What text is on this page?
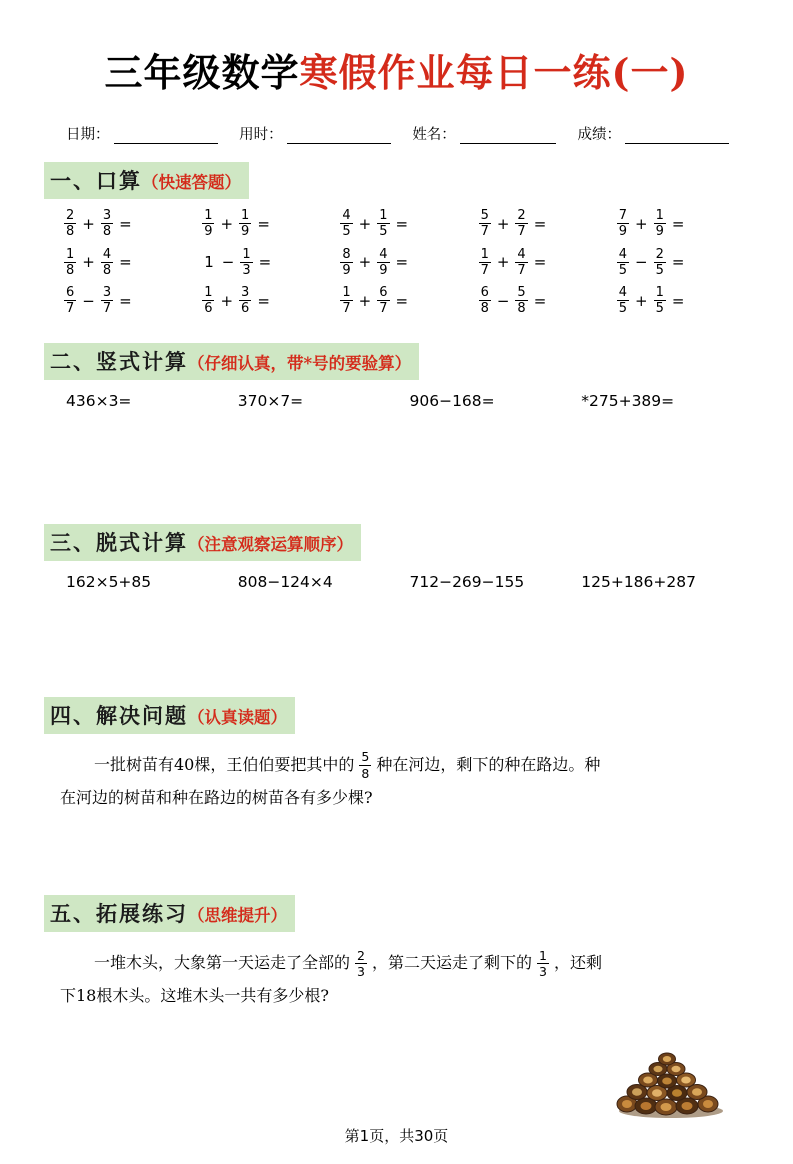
三年级数学寒假作业每日一练(一)
日期：	用时：	姓名：	成绩：
一、口算（快速答题）
$\frac{2}{8} + \frac{3}{8}$ =	$\frac{1}{9} + \frac{1}{9}$ =	$\frac{4}{5} + \frac{1}{5}$ =	$\frac{5}{7} + \frac{2}{7}$ =	$\frac{7}{9} + \frac{1}{9}$ =
$\frac{1}{8} + \frac{4}{8}$ =	$1 - \frac{1}{3}$ =	$\frac{8}{9} + \frac{4}{9}$ =	$\frac{1}{7} + \frac{4}{7}$ =	$\frac{4}{5} - \frac{2}{5}$ =
$\frac{6}{7} - \frac{3}{7}$ =	$\frac{1}{6} + \frac{3}{6}$ =	$\frac{1}{7} + \frac{6}{7}$ =	$\frac{6}{8} - \frac{5}{8}$ =	$\frac{4}{5} + \frac{1}{5}$ =
二、竖式计算（仔细认真，带*号的要验算）
436×3=	370×7=	906−168=	*275+389=
三、脱式计算（注意观察运算顺序）
162×5+85	808−124×4	712−269−155	125+186+287
四、解决问题（认真读题）
一批树苗有40棵，王伯伯要把其中的 $\frac{5}{8}$ 种在河边，剩下的种在路边。种
在河边的树苗和种在路边的树苗各有多少棵?
五、拓展练习（思维提升）
一堆木头，大象第一天运走了全部的 $\frac{2}{3}$ ，第二天运走了剩下的 $\frac{1}{3}$ ，还剩
下18根木头。这堆木头一共有多少根?
第1页，共30页
